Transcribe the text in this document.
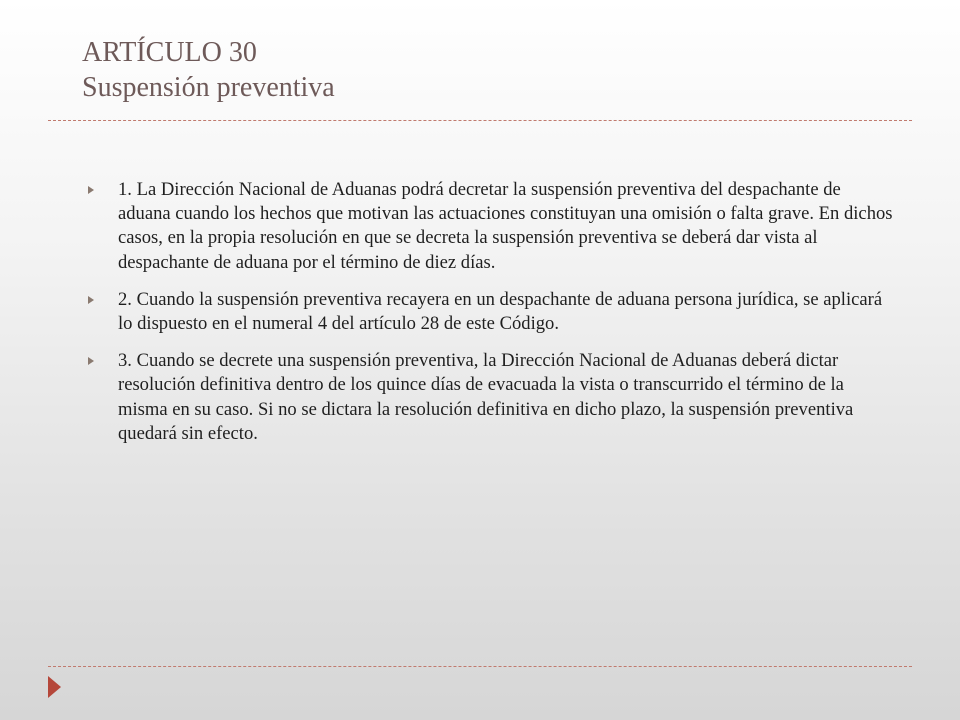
ARTÍCULO 30
Suspensión preventiva
1. La Dirección Nacional de Aduanas podrá decretar la suspensión preventiva del despachante de aduana cuando los hechos que motivan las actuaciones constituyan una omisión o falta grave. En dichos casos, en la propia resolución en que se decreta la suspensión preventiva se deberá dar vista al despachante de aduana por el término de diez días.
2. Cuando la suspensión preventiva recayera en un despachante de aduana persona jurídica, se aplicará lo dispuesto en el numeral 4 del artículo 28 de este Código.
3. Cuando se decrete una suspensión preventiva, la Dirección Nacional de Aduanas deberá dictar resolución definitiva dentro de los quince días de evacuada la vista o transcurrido el término de la misma en su caso. Si no se dictara la resolución definitiva en dicho plazo, la suspensión preventiva quedará sin efecto.
